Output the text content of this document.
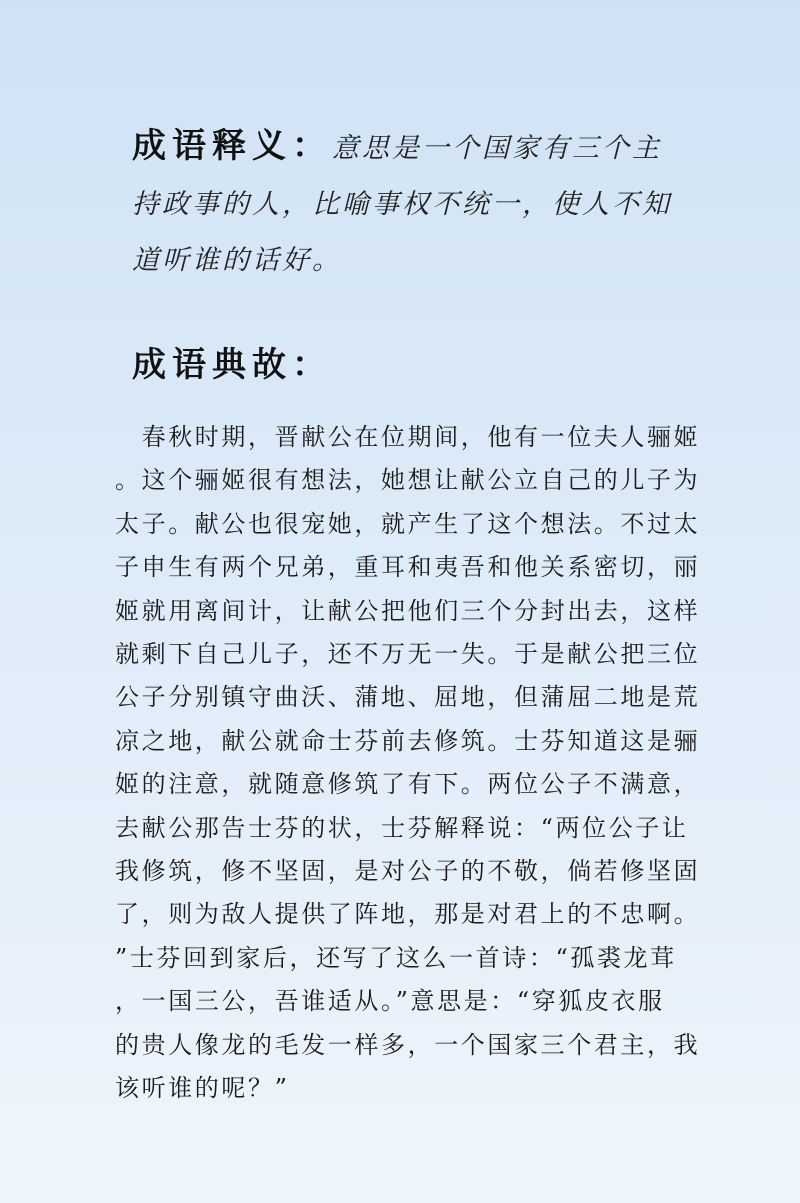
成语释义：意思是一个国家有三个主持政事的人，比喻事权不统一，使人不知道听谁的话好。
成语典故：
　春秋时期，晋献公在位期间，他有一位夫人骊姬
。这个骊姬很有想法，她想让献公立自己的儿子为
太子。献公也很宠她，就产生了这个想法。不过太
子申生有两个兄弟，重耳和夷吾和他关系密切，丽
姬就用离间计，让献公把他们三个分封出去，这样
就剩下自己儿子，还不万无一失。于是献公把三位
公子分别镇守曲沃、蒲地、屈地，但蒲屈二地是荒
凉之地，献公就命士芬前去修筑。士芬知道这是骊
姬的注意，就随意修筑了有下。两位公子不满意，
去献公那告士芬的状，士芬解释说：“两位公子让
我修筑，修不坚固，是对公子的不敬，倘若修坚固
了，则为敌人提供了阵地，那是对君上的不忠啊。
”士芬回到家后，还写了这么一首诗：“孤裘龙茸
，一国三公，吾谁适从。”意思是：“穿狐皮衣服
的贵人像龙的毛发一样多，一个国家三个君主，我
该听谁的呢？”
